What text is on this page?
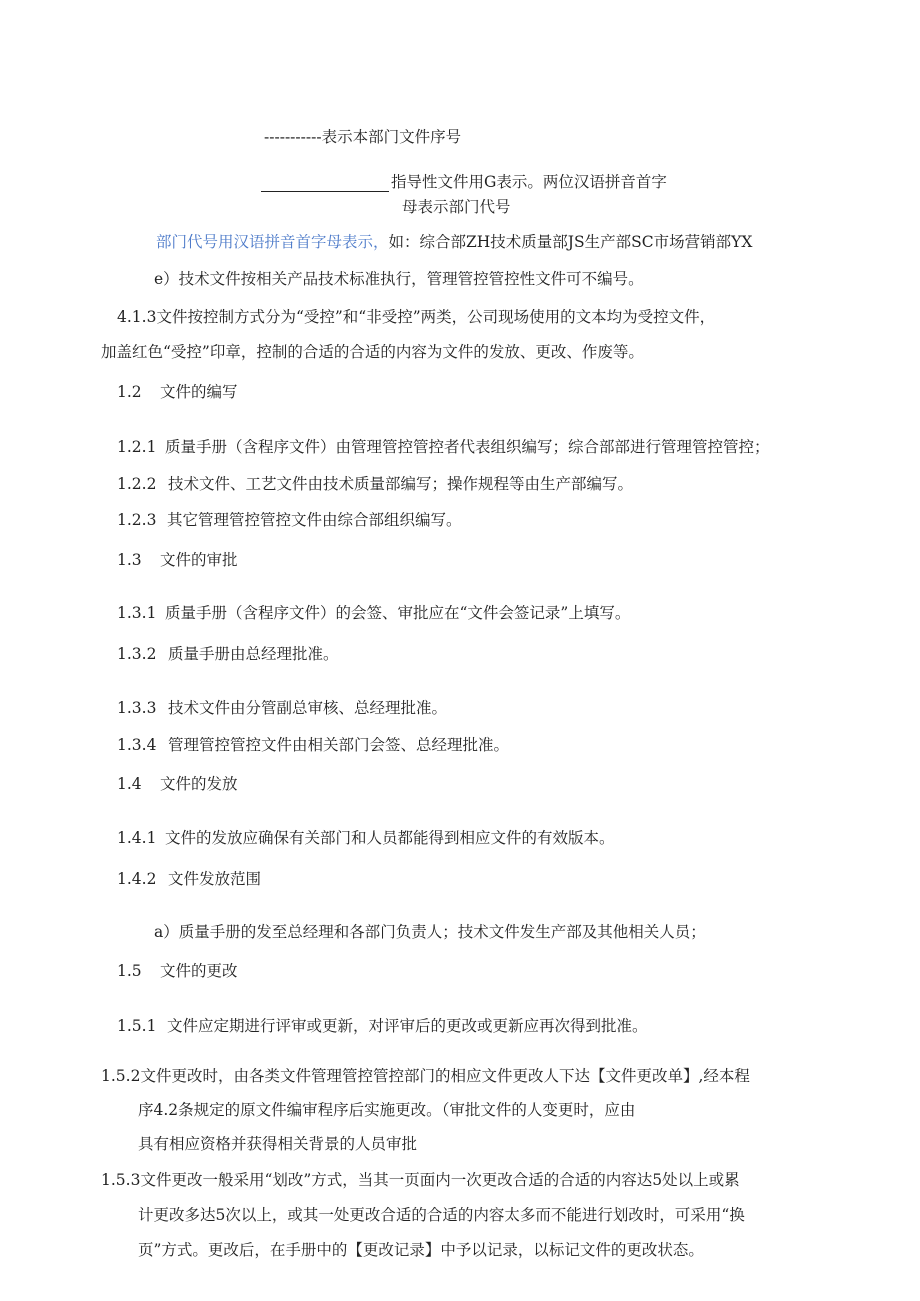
-----------表示本部门文件序号
指导性文件用G表示。两位汉语拼音首字
母表示部门代号
部门代号用汉语拼音首字母表示，如：综合部ZH技术质量部JS生产部SC市场营销部YX
e）技术文件按相关产品技术标准执行，管理管控管控性文件可不编号。
4.1.3文件按控制方式分为“受控”和“非受控”两类，公司现场使用的文本均为受控文件，
加盖红色“受控”印章，控制的合适的合适的内容为文件的发放、更改、作废等。
1.2 文件的编写
1.2.1 质量手册（含程序文件）由管理管控管控者代表组织编写；综合部部进行管理管控管控；
1.2.2 技术文件、工艺文件由技术质量部编写；操作规程等由生产部编写。
1.2.3 其它管理管控管控文件由综合部组织编写。
1.3 文件的审批
1.3.1 质量手册（含程序文件）的会签、审批应在“文件会签记录”上填写。
1.3.2 质量手册由总经理批准。
1.3.3 技术文件由分管副总审核、总经理批准。
1.3.4 管理管控管控文件由相关部门会签、总经理批准。
1.4 文件的发放
1.4.1 文件的发放应确保有关部门和人员都能得到相应文件的有效版本。
1.4.2 文件发放范围
a）质量手册的发至总经理和各部门负责人；技术文件发生产部及其他相关人员；
1.5 文件的更改
1.5.1 文件应定期进行评审或更新，对评审后的更改或更新应再次得到批准。
1.5.2文件更改时，由各类文件管理管控管控部门的相应文件更改人下达【文件更改单】,经本程
序4.2条规定的原文件编审程序后实施更改。（审批文件的人变更时，应由
具有相应资格并获得相关背景的人员审批
1.5.3文件更改一般采用“划改”方式，当其一页面内一次更改合适的合适的内容达5处以上或累
计更改多达5次以上，或其一处更改合适的合适的内容太多而不能进行划改时，可采用“换
页”方式。更改后，在手册中的【更改记录】中予以记录，以标记文件的更改状态。
